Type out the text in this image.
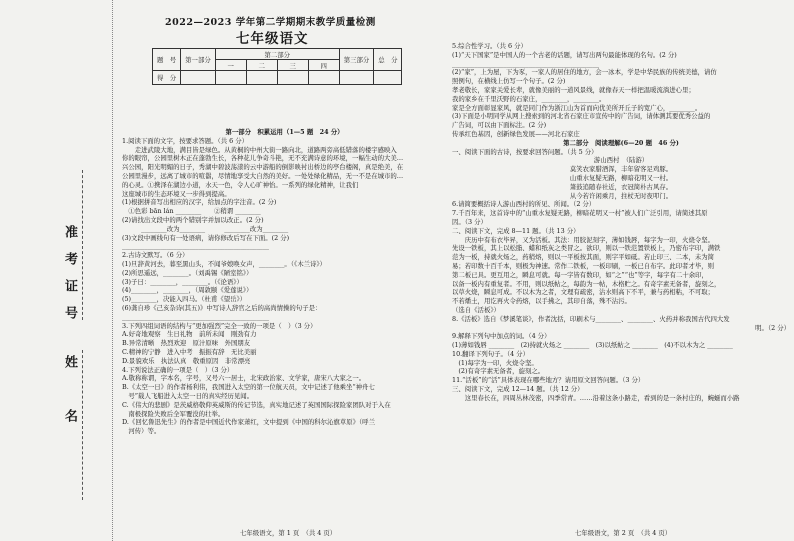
准考证号
姓　名
2022—2023 学年第二学期期末教学质量检测
七年级语文
题　号	第一部分	第二部分				第三部分	总　分
		一	二	三	四		
得　分							

第一部分　积累运用（1—5 题　24 分）

1.阅读下面的文字，按要求答题。（共 6 分）

　　走进武陵大地，满目皆是绿色。从黄桐的中州大街一路向北，道路两旁高低错落的楼宇感映入

你的眼帘，公园里树木正在蓬勃生长，各种花儿争奇斗艳，无不充满诗意的环境，一幅生动的大美…

兴公园，阳光明媚的日子，秀湖中碧波荡漾的云中游船的倒影映衬出桥边的亭台楼阁，真是绝美，在

公园里漫步，远离了城市的喧嚣，尽情地享受大自然的美好。一处处绿化精品，无一不是在城市的…

的心灵。①携泽在湖边小道，水天一色，令人心旷神怡。一系列的绿化精神，让我们

这座城市的生态环境又一步得到提高。

(1)根据拼音写出相应的汉字，给加点的字注音。(2 分)

　①色彩 bān lán ________　　②稍谓 ________

(2)请找出文段中的两个错别字并加以改正。(2 分)

　　　________改为________　　　________改为________

(3)文段中画线句有一处语病，请你修改后写在下面。(2 分)

______________________________________________

2.古诗文默写。（6 分）

(1)旦辞黄河去，暮至黑山头，不闻爷娘唤女声，________。（《木兰诗》）

(2)所思遥远，________。（刘禹锡《陋室铭》）

(3)子曰：________，________。（《论语》）

(4)________，________，（周敦颐《爱莲说》）

(5)________，决能入四马。（杜甫《望岳》）

(6)龚自珍《己亥杂诗(其五)》中写诗人辞官之后的高尚情操的句子是：

______________________________________________

3.下列四组词语的结构与“更加强烈”完全一致的一项是（　）（3 分）

A.好奇地观察　生日礼物　前所未闻　刚劲有力

B.异常清晰　热烈欢迎　原汁原味　外国朋友

C.精神的宁静　进入中考　振振有辞　无比美丽

D.景貌欢乐　执法认真　敬重原因　非常漂亮

4.下列说法正确的一项是（　）（3 分）

A.敬称称谓，字本名，字号，又号六一居士，北宋政治家、文学家，唐宋八大家之一。

B.《太空一日》的作者杨利伟，我国进入太空的第一位航天员，文中记述了他乘坐“神舟七

　号”载人飞船进入太空一日的真实经历见闻。

C.《伟大的悲剧》是茨威格敬仰英威斯的传记节选，真实地记述了英国国际探险家团队对于入在

　南极探险失败后全军覆没的壮举。

D.《回忆鲁迅先生》的作者是中国近代作家萧红，文中提到《中国的科尔沁旗草原》（呼兰

　河传）等。

5.综合性学习。（共 6 分）

(1)“天下国家”是中国人的一个古老的话题，请写出两句最能体现的名句。(2 分)

______________________________________________

(2)“家”，上为屋，下为豕，一家人的居住的地方，会一冰本，学是中华民族的传统美德，请仿

照例句，在横线上仿写一个句子。(2 分)

孝老敬长，家家关爱长辈，就像美丽的一道风景线，就像春天一样把温暖流淌进心里；

我的家乡在千里沃野的石家庄，________，________。

家是全方面彰显家风，就是同门作为浙江山为首而向优美所开丘子的宽广心，________。

(3)下面是小明同学从网上搜索到的河北省石家庄市宣传中的广告词，请体测其要优秀公益的

广告词，可以由下面标注。(2 分)

传承红色基因，创新绿色发展——河北石家庄

第二部分　阅读理解(6—20 题　46 分)

一、阅读下面的古诗，按要求回答问题。（共 5 分）

游山西村　（陆游）

莫笑农家腊酒浑，丰年留客足鸡豚。

山重水复疑无路，柳暗花明又一村。

箫鼓追随春社近，衣冠简朴古风存。

从今若许闲乘月，拄杖无时夜叩门。

6.请简要概括诗人游山西村的所见、所闻。（2 分）

7.千百年来，这首诗中的“山重水复疑无路，柳暗花明又一村”被人们广泛引用，请简述其原

因。（3 分）

二、阅读下文，完成 8—11 题。（共 13 分）

　　庆历中有布衣毕昇，又为活板。其法：用胶泥刻字，薄如钱唇，每字为一印，火烧令坚。

先设一铁板，其上以松脂、蜡和纸灰之类冒之。欲印，则以一铁范置铁板上，乃密布字印，满铁

范为一板，持就火炀之，药稍熔，则以一平板按其面，则字平如砥。若止印三、二本，未为简

易；若印数十百千本，则极为神速。常作二铁板，一板印刷，一板已自布字。此印者才毕，则

第二板已具。更互用之，瞬息可就。每一字皆有数印，如“之”“也”等字，每字有二十余印，

以备一板内有重复者。不用，则以纸帖之，每韵为一帖，木格贮之。有奇字素无备者，旋刻之，

以草火烧，瞬息可成。不以木为之者，文理有疏密，沾水则高下不平，兼与药相粘，不可取；

不若燔土，用讫再火令药熔，以手拂之，其印自落，殊不沾污。

（选自《活板》）

8.《活板》选自《梦溪笔谈》，作者沈括，印刷术与________、________、火药并称我国古代四大发

明。（2 分）

9.解释下列句中加点的词。（4 分）

(1)薄如钱唇 ________　(2)持就火炀之 ________　(3)以纸帖之 ________　(4)不以木为之 ________

10.翻译下列句子。（4 分）

　(1)每字为一印，火烧令坚。

　(2)有奇字素无备者，旋刻之。

11.“活板”的“活”具体表现在哪些地方？请用原文回答问题。（3 分）

三、阅读下文，完成 12—14 题。（共 12 分）

　　这里春长在，四周丛林茂密，四季常青。……沿着这条小路走，看到的是一条村庄的，蜿蜒而小路

七年级语文，第 1 页　（共 4 页）	七年级语文，第 2 页　（共 4 页）
